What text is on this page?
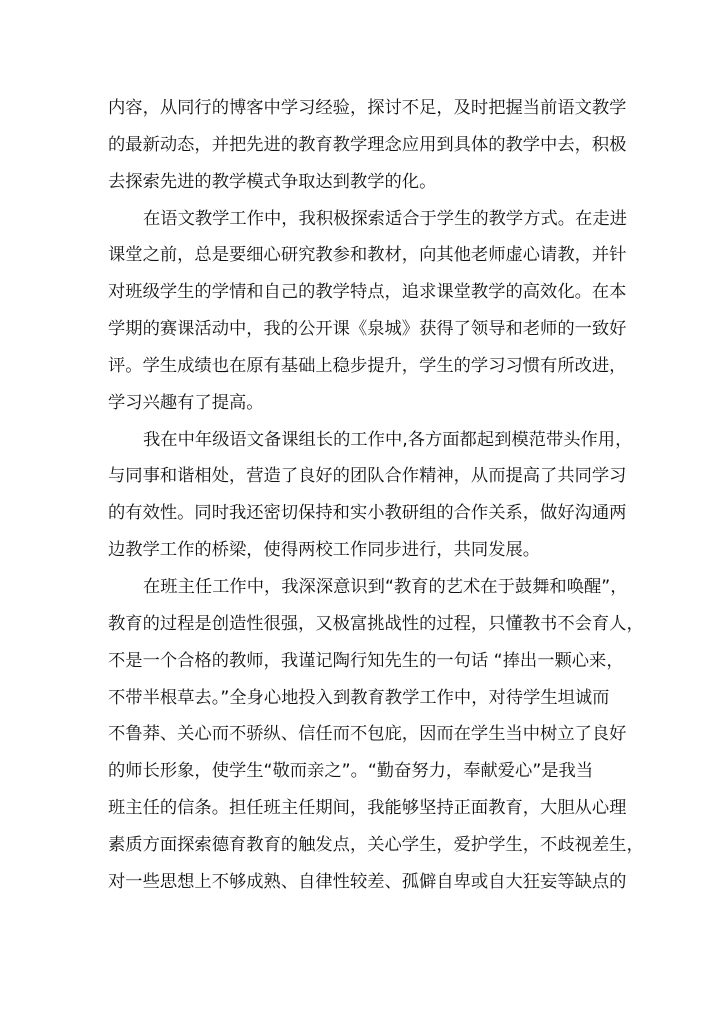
内容，从同行的博客中学习经验，探讨不足，及时把握当前语文教学
的最新动态，并把先进的教育教学理念应用到具体的教学中去，积极
去探索先进的教学模式争取达到教学的化。
在语文教学工作中，我积极探索适合于学生的教学方式。在走进
课堂之前，总是要细心研究教参和教材，向其他老师虚心请教，并针
对班级学生的学情和自己的教学特点，追求课堂教学的高效化。在本
学期的赛课活动中，我的公开课《泉城》获得了领导和老师的一致好
评。学生成绩也在原有基础上稳步提升，学生的学习习惯有所改进，
学习兴趣有了提高。
我在中年级语文备课组长的工作中,各方面都起到模范带头作用，
与同事和谐相处，营造了良好的团队合作精神，从而提高了共同学习
的有效性。同时我还密切保持和实小教研组的合作关系，做好沟通两
边教学工作的桥梁，使得两校工作同步进行，共同发展。
在班主任工作中，我深深意识到“教育的艺术在于鼓舞和唤醒”，
教育的过程是创造性很强，又极富挑战性的过程，只懂教书不会育人，
不是一个合格的教师，我谨记陶行知先生的一句话 “捧出一颗心来，
不带半根草去。”全身心地投入到教育教学工作中，对待学生坦诚而
不鲁莽、关心而不骄纵、信任而不包庇，因而在学生当中树立了良好
的师长形象，使学生“敬而亲之”。“勤奋努力，奉献爱心”是我当
班主任的信条。担任班主任期间，我能够坚持正面教育，大胆从心理
素质方面探索德育教育的触发点，关心学生，爱护学生，不歧视差生，
对一些思想上不够成熟、自律性较差、孤僻自卑或自大狂妄等缺点的
